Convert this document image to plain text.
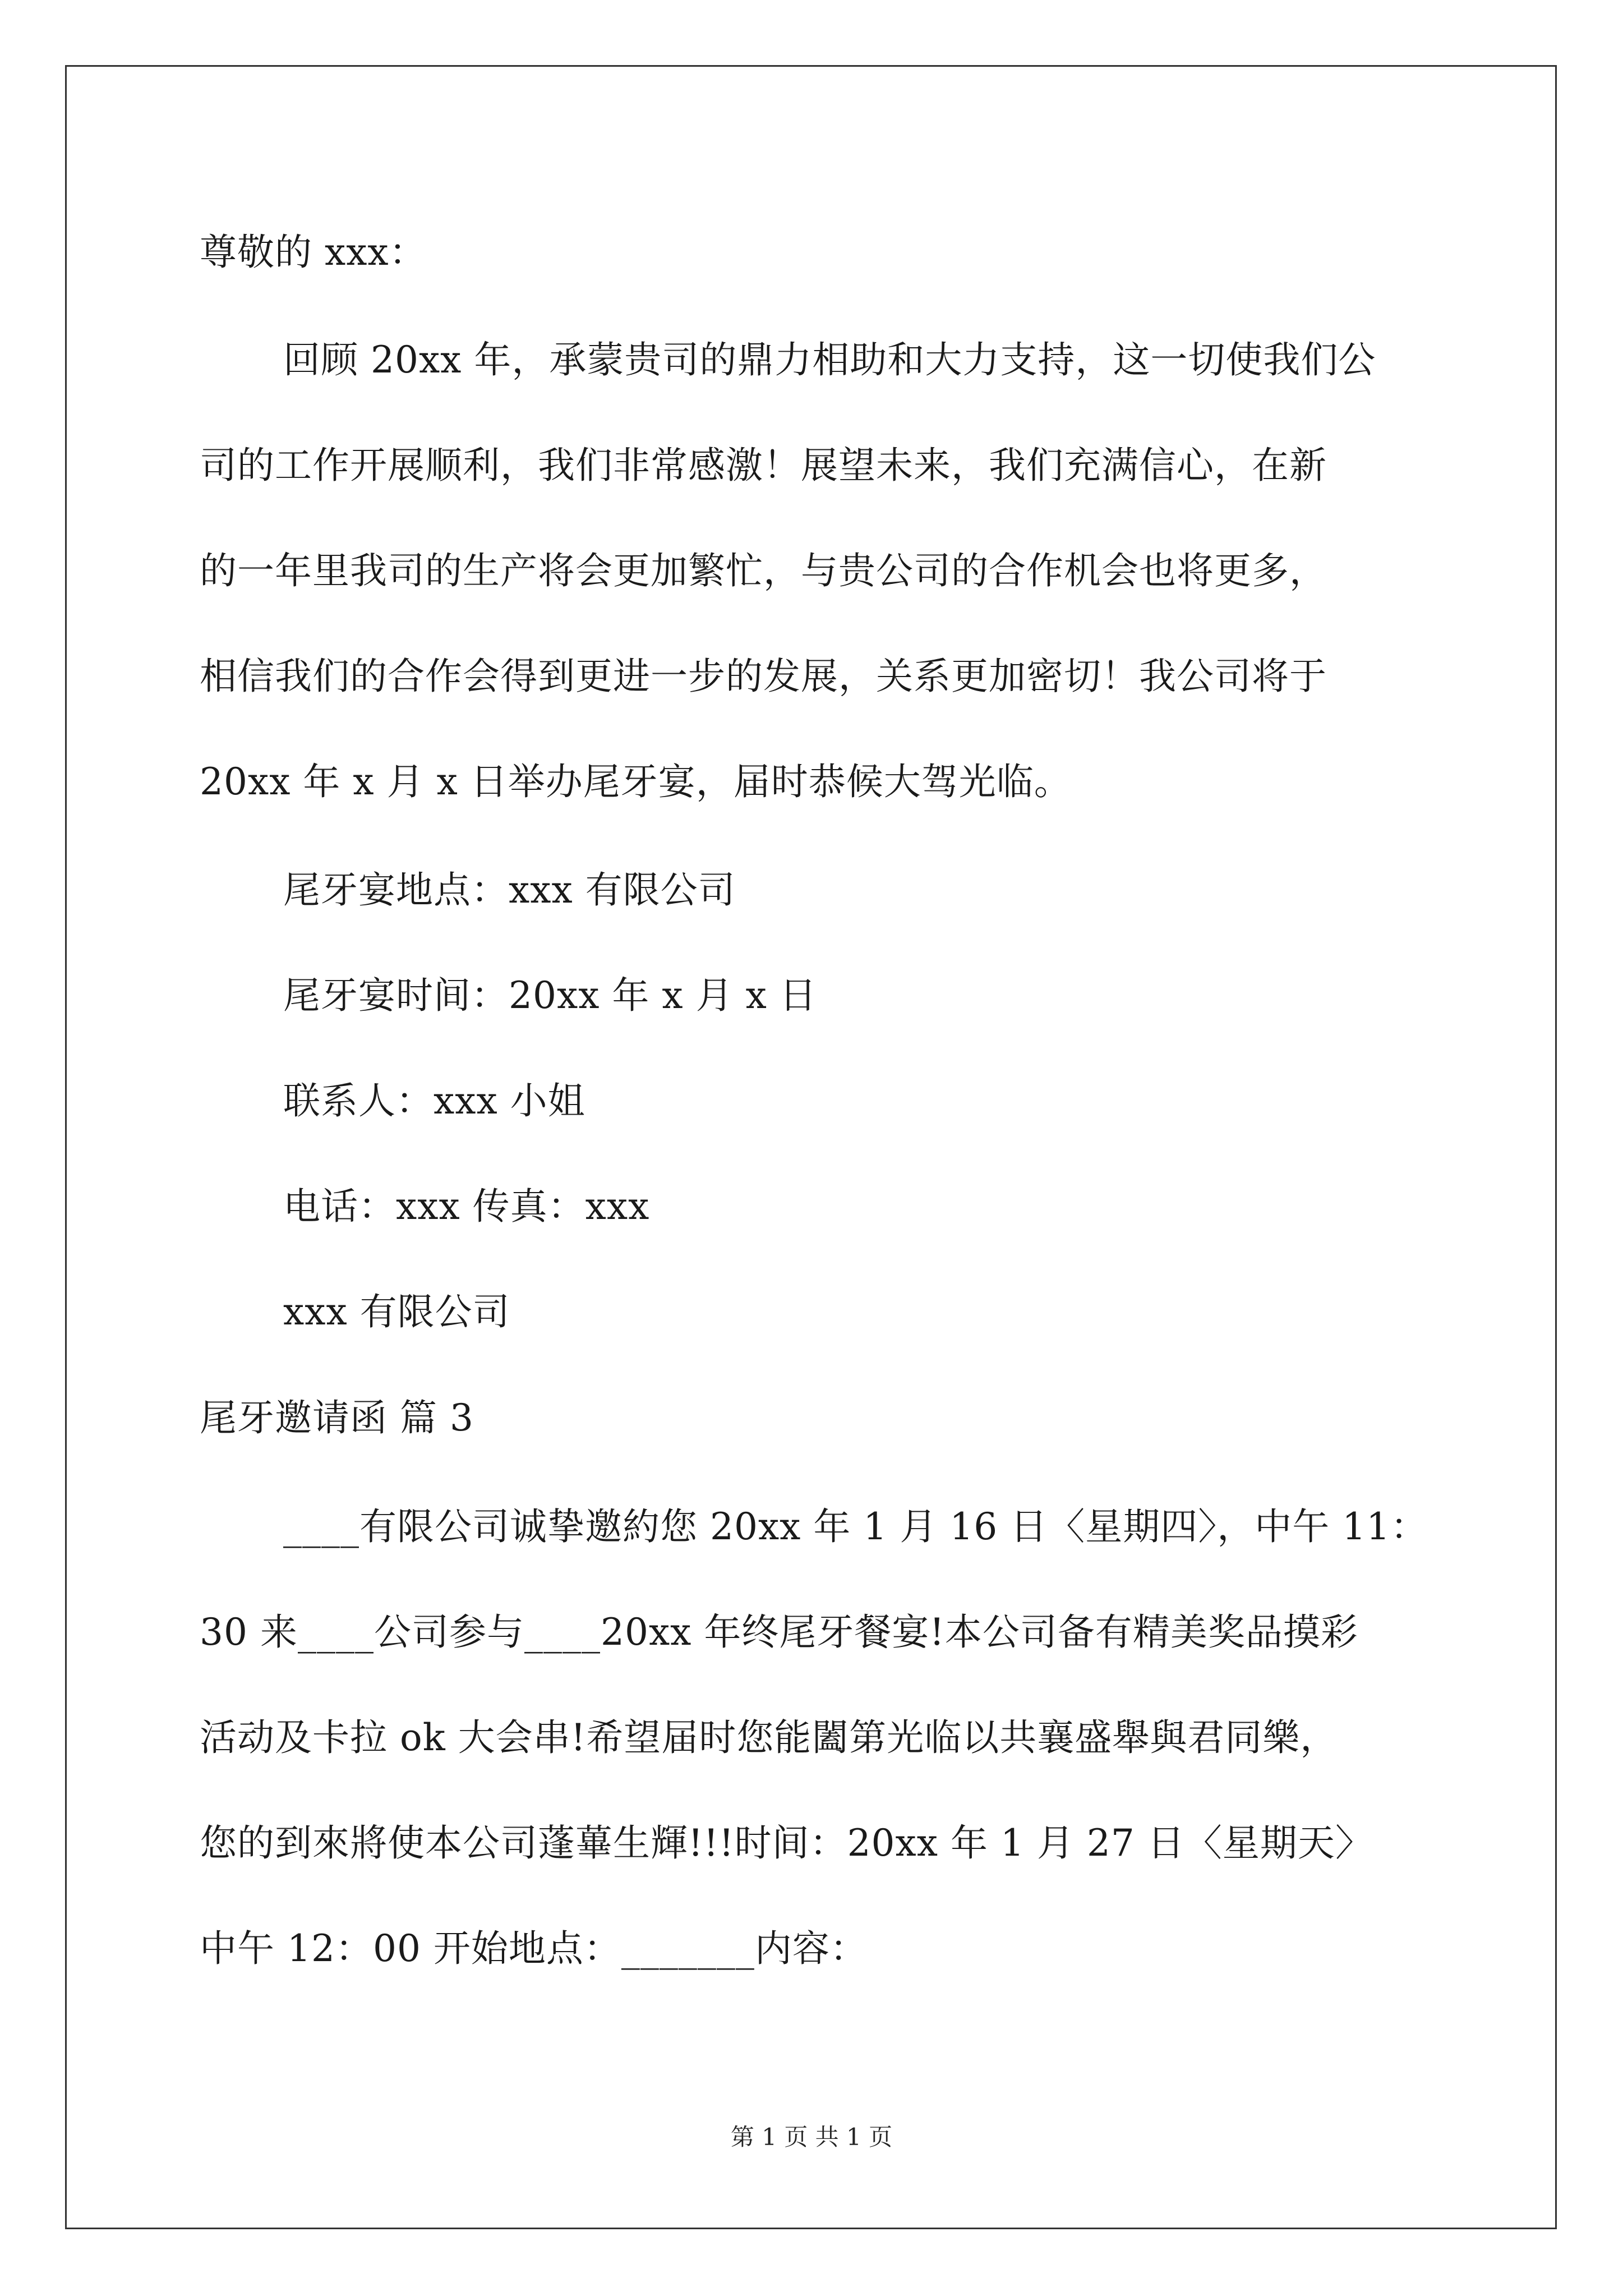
尊敬的 xxx：
回顾 20xx 年，承蒙贵司的鼎力相助和大力支持，这一切使我们公
司的工作开展顺利，我们非常感激！展望未来，我们充满信心，在新
的一年里我司的生产将会更加繁忙，与贵公司的合作机会也将更多，
相信我们的合作会得到更进一步的发展，关系更加密切！我公司将于
20xx 年 x 月 x 日举办尾牙宴，届时恭候大驾光临。
尾牙宴地点：xxx 有限公司
尾牙宴时间：20xx 年 x 月 x 日
联系人：xxx 小姐
电话：xxx 传真：xxx
xxx 有限公司
尾牙邀请函 篇 3
____有限公司诚挚邀約您 20xx 年 1 月 16 日〈星期四〉，中午 11：
30 来____公司参与____20xx 年终尾牙餐宴!本公司备有精美奖品摸彩
活动及卡拉 ok 大会串!希望届时您能闔第光临以共襄盛舉與君同樂，
您的到來將使本公司蓬蓽生輝!!!时间：20xx 年 1 月 27 日〈星期天〉
中午 12：00 开始地点：_______内容：
第 1 页 共 1 页
